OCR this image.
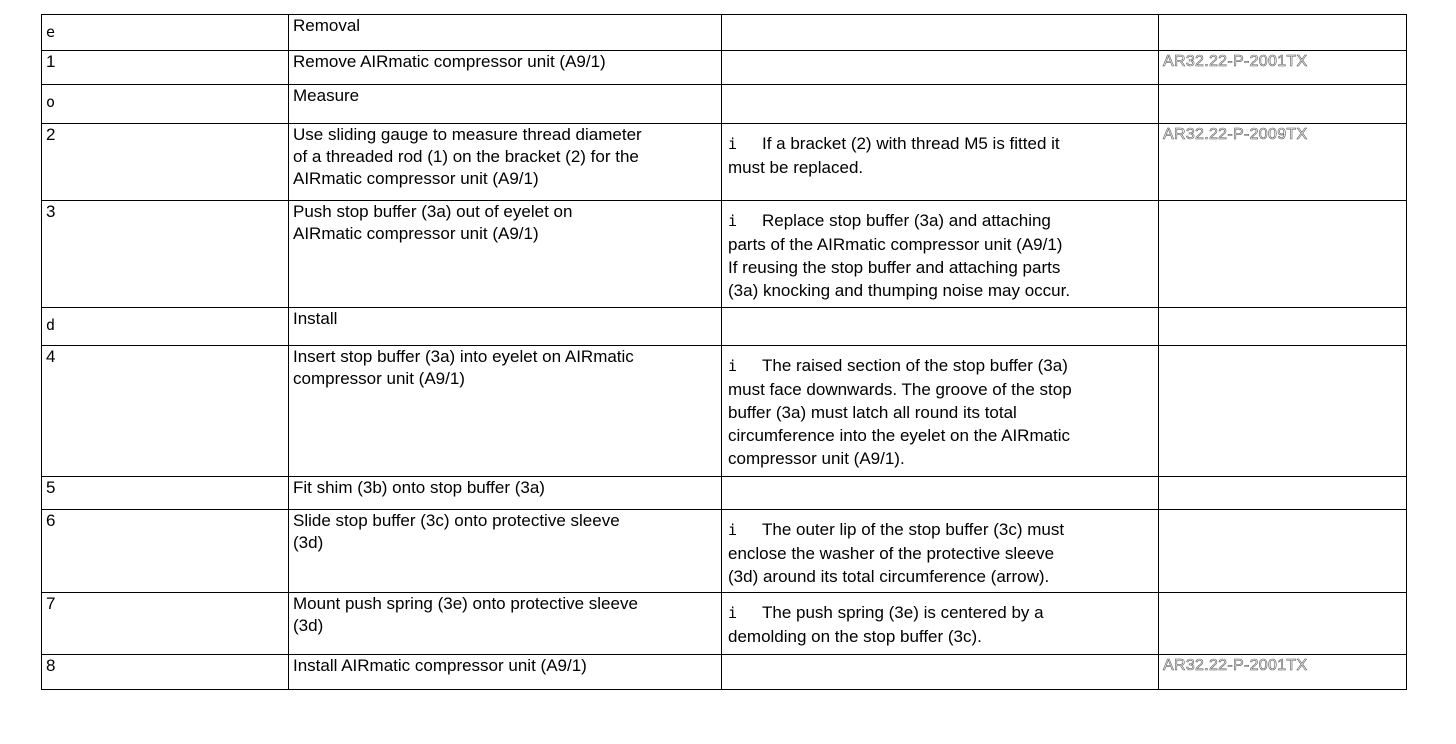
e	Removal		

1	Remove AIRmatic compressor unit (A9/1)		AR32.22-P-2001TX

o	Measure		

2	Use sliding gauge to measure thread diameter
of a threaded rod (1) on the bracket (2) for the
AIRmatic compressor unit (A9/1)	i If a bracket (2) with thread M5 is fitted it
must be replaced.	AR32.22-P-2009TX

3	Push stop buffer (3a) out of eyelet on
AIRmatic compressor unit (A9/1)	i Replace stop buffer (3a) and attaching
parts of the AIRmatic compressor unit (A9/1)
If reusing the stop buffer and attaching parts
(3a) knocking and thumping noise may occur.	

d	Install		

4	Insert stop buffer (3a) into eyelet on AIRmatic
compressor unit (A9/1)	i The raised section of the stop buffer (3a)
must face downwards. The groove of the stop
buffer (3a) must latch all round its total
circumference into the eyelet on the AIRmatic
compressor unit (A9/1).	

5	Fit shim (3b) onto stop buffer (3a)		

6	Slide stop buffer (3c) onto protective sleeve
(3d)	i The outer lip of the stop buffer (3c) must
enclose the washer of the protective sleeve
(3d) around its total circumference (arrow).	

7	Mount push spring (3e) onto protective sleeve
(3d)	i The push spring (3e) is centered by a
demolding on the stop buffer (3c).	

8	Install AIRmatic compressor unit (A9/1)		AR32.22-P-2001TX
